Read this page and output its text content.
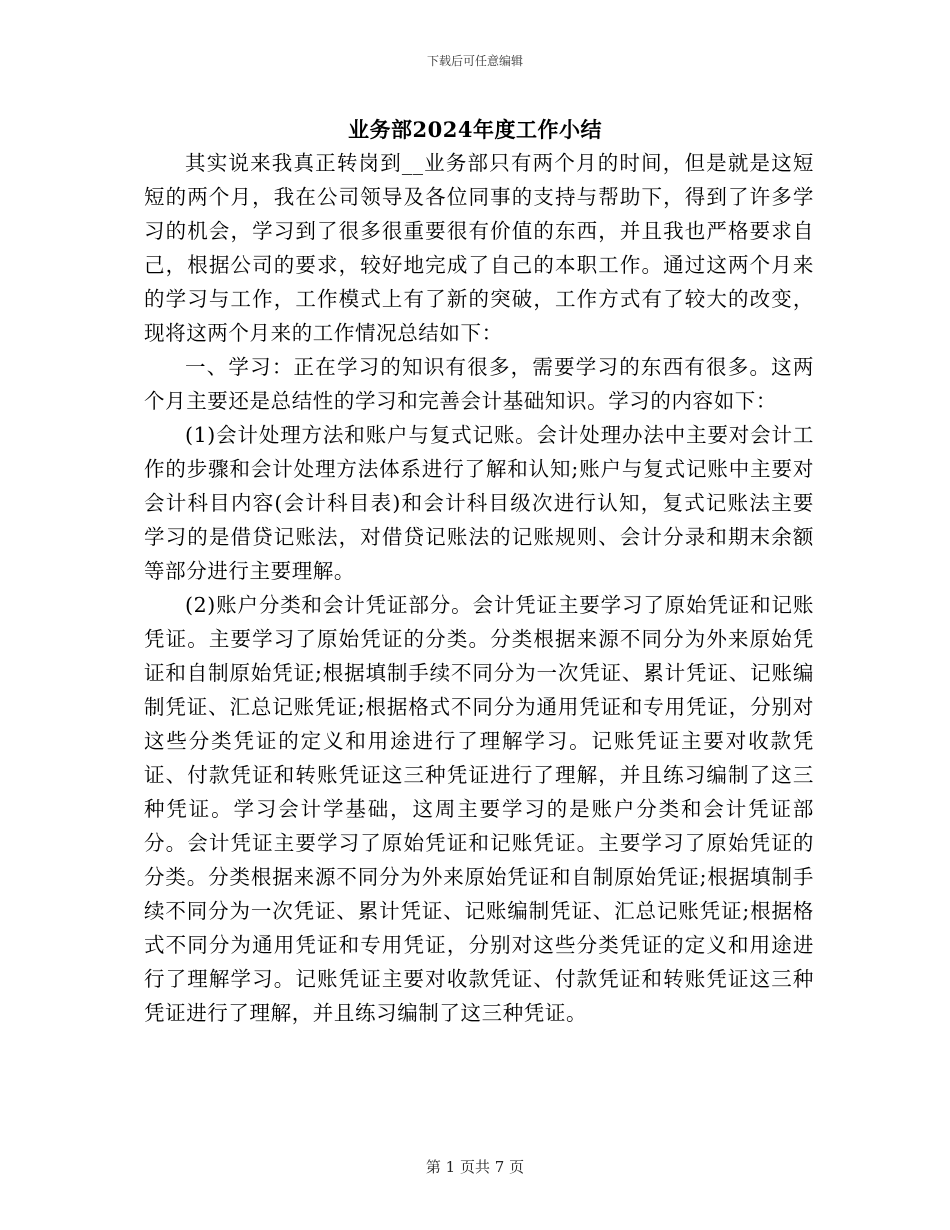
下载后可任意编辑
业务部2024年度工作小结

其实说来我真正转岗到__业务部只有两个月的时间，但是就是这短短的两个月，我在公司领导及各位同事的支持与帮助下，得到了许多学习的机会，学习到了很多很重要很有价值的东西，并且我也严格要求自己，根据公司的要求，较好地完成了自己的本职工作。通过这两个月来的学习与工作，工作模式上有了新的突破，工作方式有了较大的改变，现将这两个月来的工作情况总结如下：

一、学习：正在学习的知识有很多，需要学习的东西有很多。这两个月主要还是总结性的学习和完善会计基础知识。学习的内容如下：

(1)会计处理方法和账户与复式记账。会计处理办法中主要对会计工作的步骤和会计处理方法体系进行了解和认知;账户与复式记账中主要对会计科目内容(会计科目表)和会计科目级次进行认知，复式记账法主要学习的是借贷记账法，对借贷记账法的记账规则、会计分录和期末余额等部分进行主要理解。

(2)账户分类和会计凭证部分。会计凭证主要学习了原始凭证和记账凭证。主要学习了原始凭证的分类。分类根据来源不同分为外来原始凭证和自制原始凭证;根据填制手续不同分为一次凭证、累计凭证、记账编制凭证、汇总记账凭证;根据格式不同分为通用凭证和专用凭证，分别对这些分类凭证的定义和用途进行了理解学习。记账凭证主要对收款凭证、付款凭证和转账凭证这三种凭证进行了理解，并且练习编制了这三种凭证。学习会计学基础，这周主要学习的是账户分类和会计凭证部分。会计凭证主要学习了原始凭证和记账凭证。主要学习了原始凭证的分类。分类根据来源不同分为外来原始凭证和自制原始凭证;根据填制手续不同分为一次凭证、累计凭证、记账编制凭证、汇总记账凭证;根据格式不同分为通用凭证和专用凭证，分别对这些分类凭证的定义和用途进行了理解学习。记账凭证主要对收款凭证、付款凭证和转账凭证这三种凭证进行了理解，并且练习编制了这三种凭证。

第 1 页共 7 页
